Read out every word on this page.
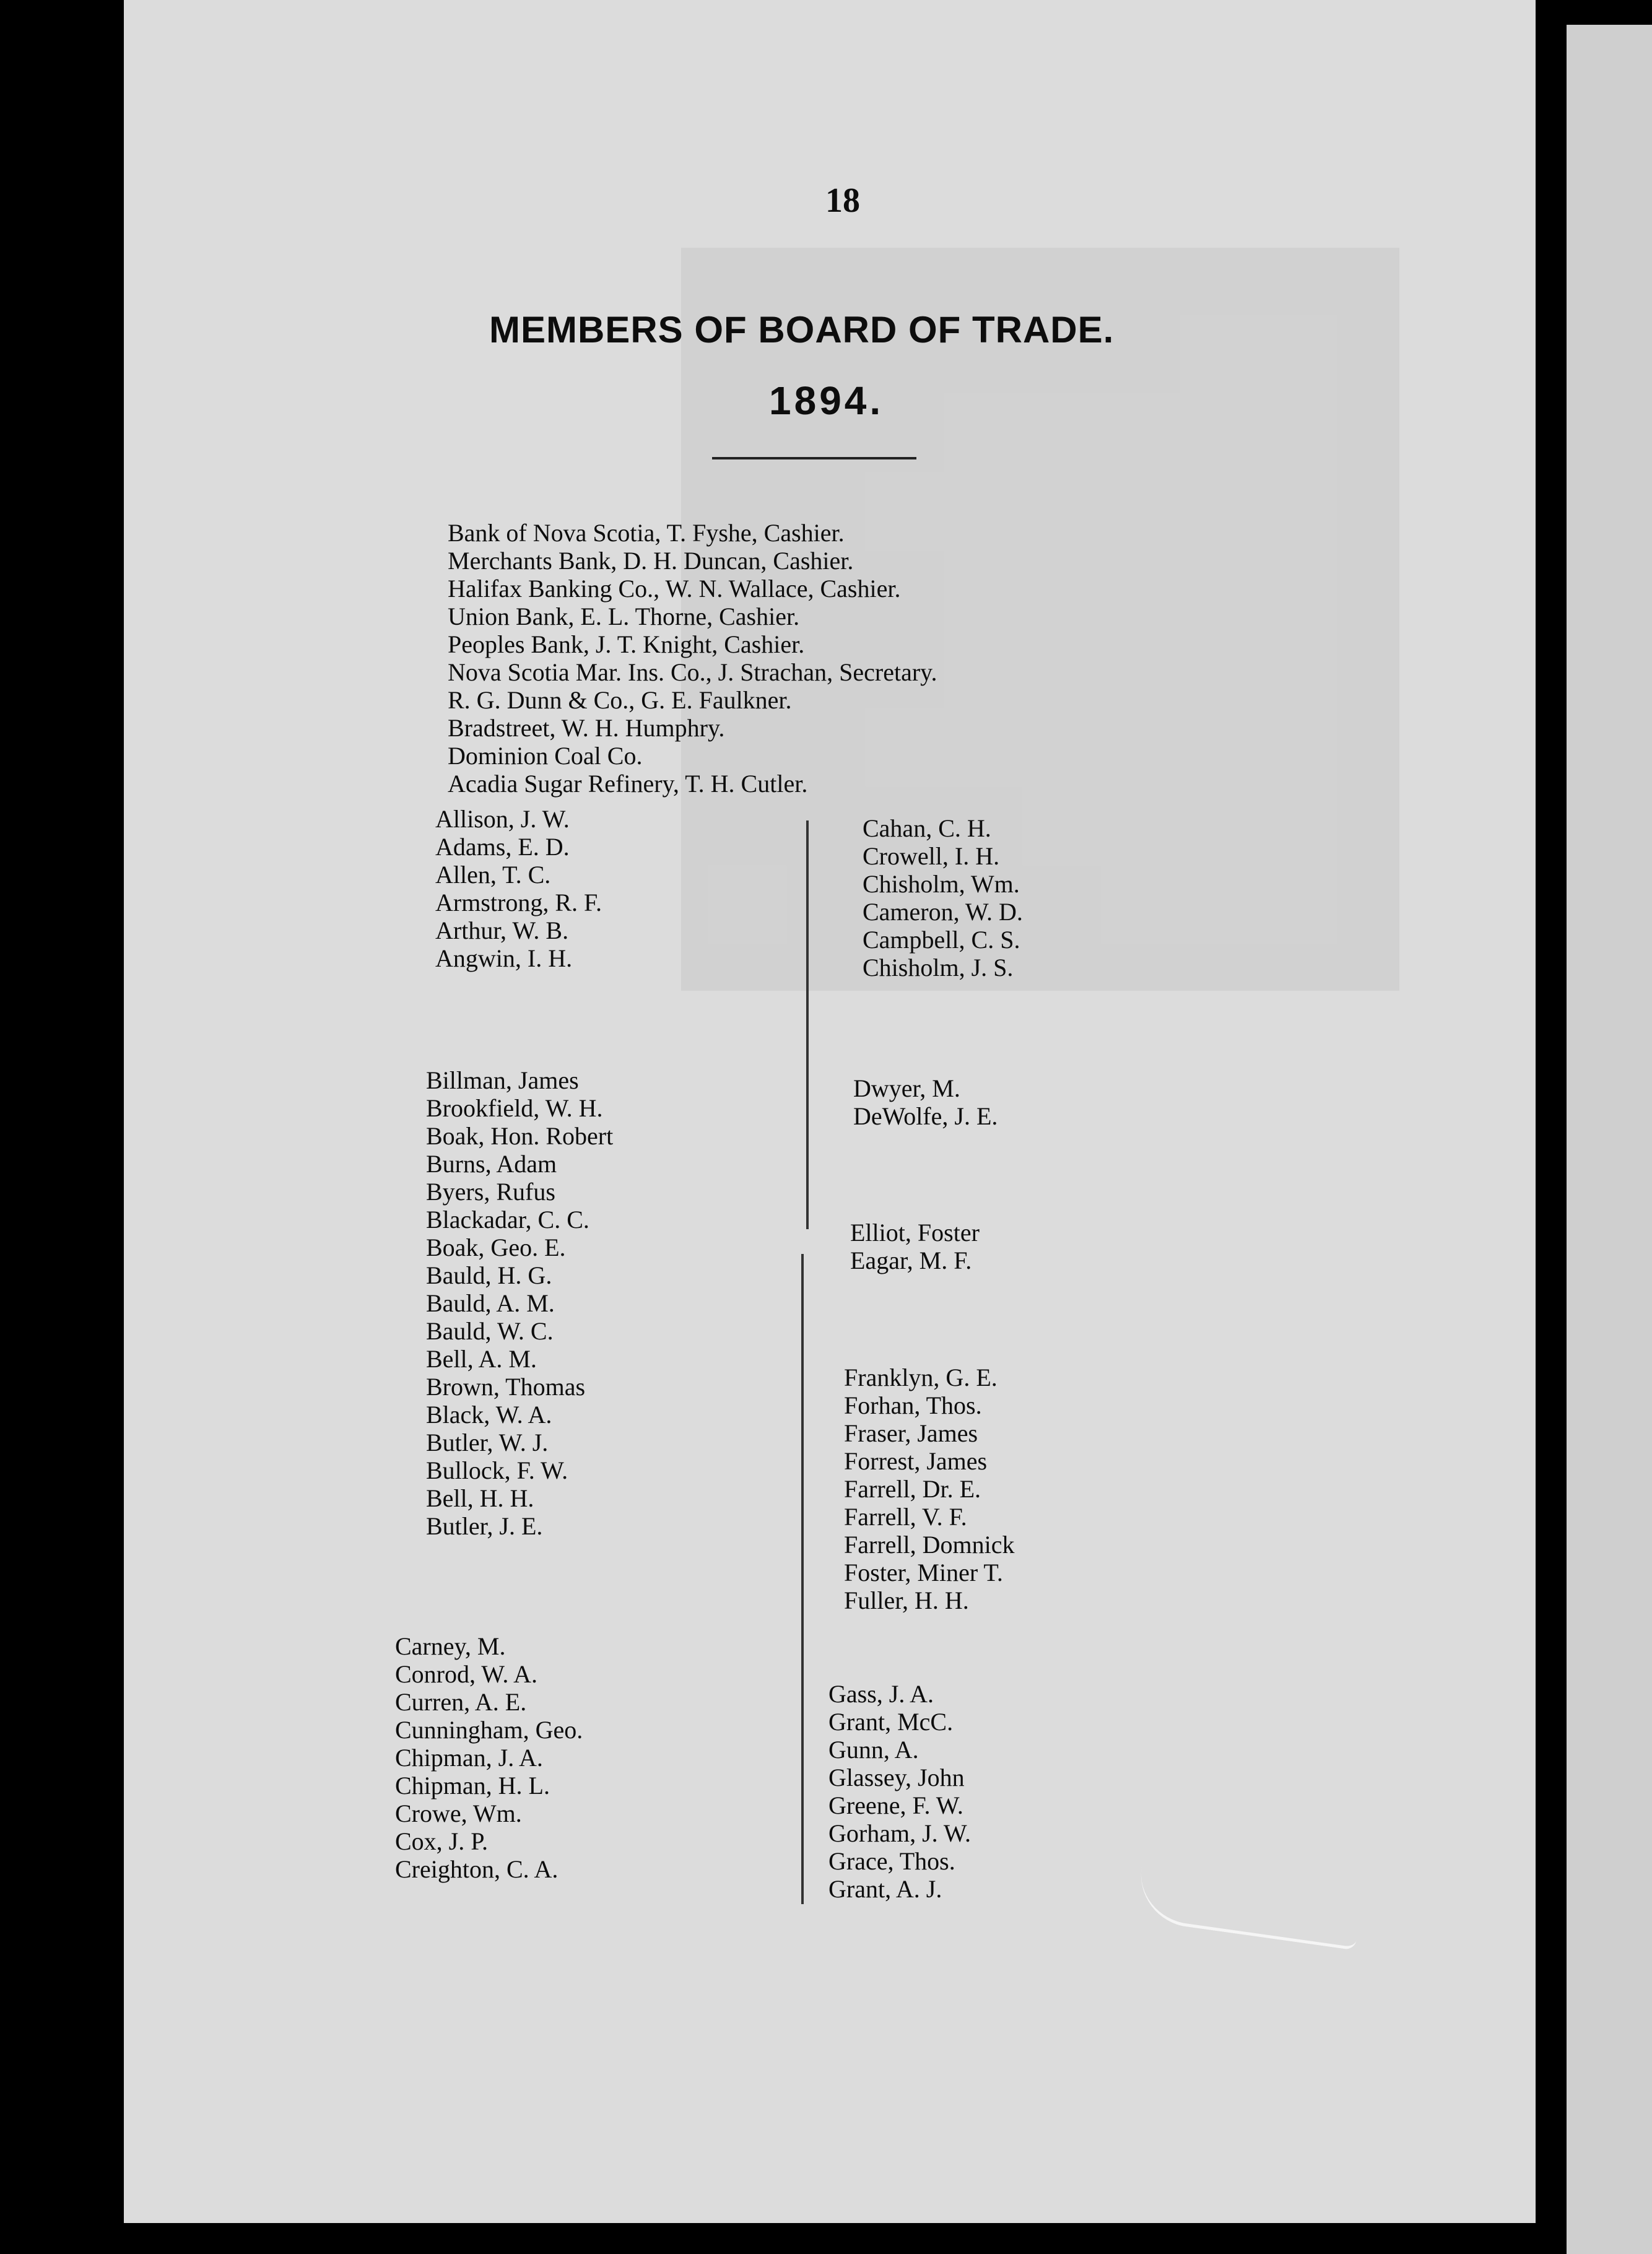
18
MEMBERS OF BOARD OF TRADE.
1894.
Bank of Nova Scotia, T. Fyshe, Cashier.
Merchants Bank, D. H. Duncan, Cashier.
Halifax Banking Co., W. N. Wallace, Cashier.
Union Bank, E. L. Thorne, Cashier.
Peoples Bank, J. T. Knight, Cashier.
Nova Scotia Mar. Ins. Co., J. Strachan, Secretary.
R. G. Dunn & Co., G. E. Faulkner.
Bradstreet, W. H. Humphry.
Dominion Coal Co.
Acadia Sugar Refinery, T. H. Cutler.
Allison, J. W.
Adams, E. D.
Allen, T. C.
Armstrong, R. F.
Arthur, W. B.
Angwin, I. H.
Billman, James
Brookfield, W. H.
Boak, Hon. Robert
Burns, Adam
Byers, Rufus
Blackadar, C. C.
Boak, Geo. E.
Bauld, H. G.
Bauld, A. M.
Bauld, W. C.
Bell, A. M.
Brown, Thomas
Black, W. A.
Butler, W. J.
Bullock, F. W.
Bell, H. H.
Butler, J. E.
Carney, M.
Conrod, W. A.
Curren, A. E.
Cunningham, Geo.
Chipman, J. A.
Chipman, H. L.
Crowe, Wm.
Cox, J. P.
Creighton, C. A.
Cahan, C. H.
Crowell, I. H.
Chisholm, Wm.
Cameron, W. D.
Campbell, C. S.
Chisholm, J. S.
Dwyer, M.
DeWolfe, J. E.
Elliot, Foster
Eagar, M. F.
Franklyn, G. E.
Forhan, Thos.
Fraser, James
Forrest, James
Farrell, Dr. E.
Farrell, V. F.
Farrell, Domnick
Foster, Miner T.
Fuller, H. H.
Gass, J. A.
Grant, McC.
Gunn, A.
Glassey, John
Greene, F. W.
Gorham, J. W.
Grace, Thos.
Grant, A. J.
